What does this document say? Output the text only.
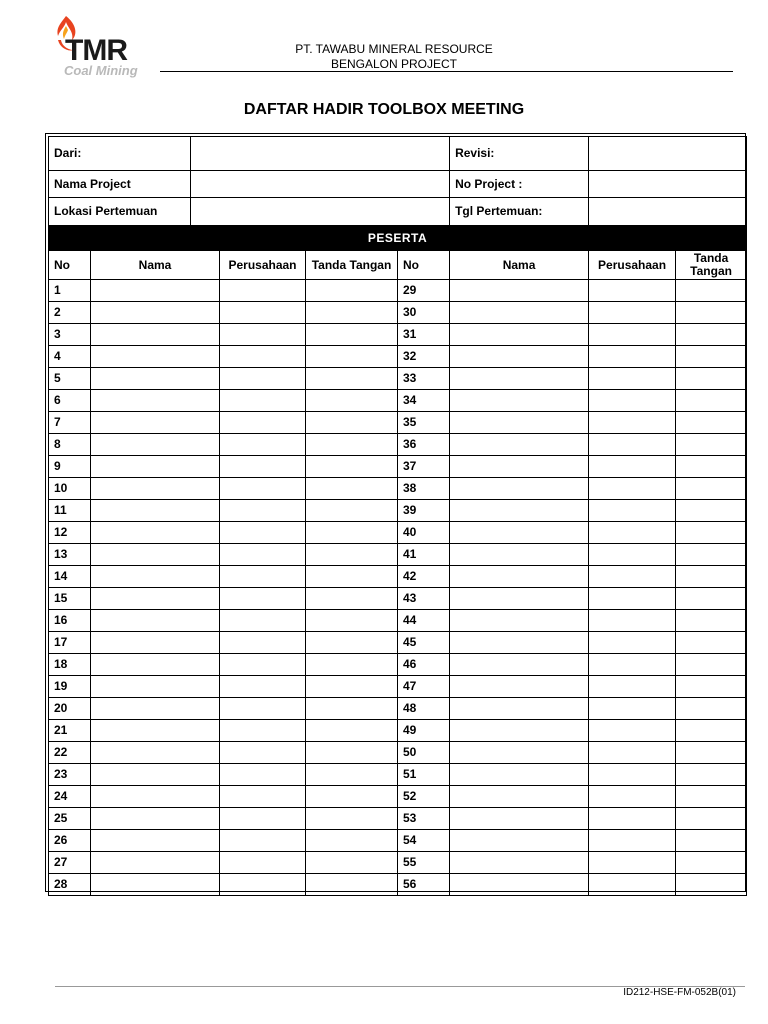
TMR
Coal Mining
PT. TAWABU MINERAL RESOURCE
BENGALON PROJECT
DAFTAR HADIR TOOLBOX MEETING
Dari:						Revisi:		
Nama Project						No Project :		
Lokasi Pertemuan						Tgl Pertemuan:		
PESERTA								
No	Nama		Perusahaan	Tanda Tangan	No	Nama	Perusahaan	Tanda Tangan
1					29			
2					30			
3					31			
4					32			
5					33			
6					34			
7					35			
8					36			
9					37			
10					38			
11					39			
12					40			
13					41			
14					42			
15					43			
16					44			
17					45			
18					46			
19					47			
20					48			
21					49			
22					50			
23					51			
24					52			
25					53			
26					54			
27					55			
28					56			
ID212-HSE-FM-052B(01)
